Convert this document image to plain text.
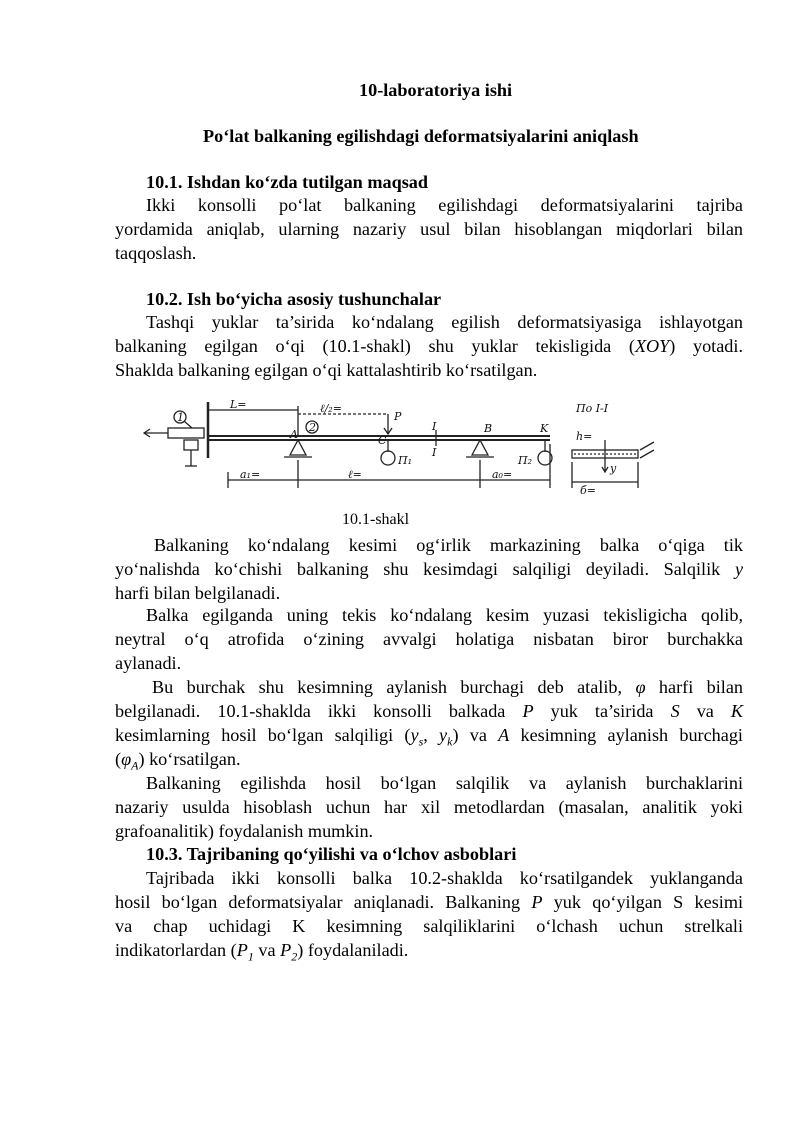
10-laboratoriya ishi
Po‘lat balkaning egilishdagi deformatsiyalarini aniqlash
10.1. Ishdan ko‘zda tutilgan maqsad
Ikki konsolli po‘lat balkaning egilishdagi deformatsiyalarini tajriba
yordamida aniqlab, ularning nazariy usul bilan hisoblangan miqdorlari bilan
taqqoslash.
10.2. Ish bo‘yicha asosiy tushunchalar
Tashqi yuklar ta’sirida ko‘ndalang egilish deformatsiyasiga ishlayotgan
balkaning egilgan o‘qi (10.1-shakl) shu yuklar tekisligida (XOY) yotadi.
Shaklda balkaning egilgan o‘qi kattalashtirib ko‘rsatilgan.
1
2
L=	ℓ/₂=
P
A	C
I
I
B	K
П₁	П₂
a₁=	ℓ=	a₀=
По I-I
h=
y
б=
10.1-shakl
Balkaning ko‘ndalang kesimi og‘irlik markazining balka o‘qiga tik
yo‘nalishda ko‘chishi balkaning shu kesimdagi salqiligi deyiladi. Salqilik y
harfi bilan belgilanadi.
Balka egilganda uning tekis ko‘ndalang kesim yuzasi tekisligicha qolib,
neytral o‘q atrofida o‘zining avvalgi holatiga nisbatan biror burchakka
aylanadi.
Bu burchak shu kesimning aylanish burchagi deb atalib, φ harfi bilan
belgilanadi. 10.1-shaklda ikki konsolli balkada P yuk ta’sirida S va K
kesimlarning hosil bo‘lgan salqiligi ($y_s$, $y_k$) va A kesimning aylanish burchagi
$(\varphi_A)$ ko‘rsatilgan.
Balkaning egilishda hosil bo‘lgan salqilik va aylanish burchaklarini
nazariy usulda hisoblash uchun har xil metodlardan (masalan, analitik yoki
grafoanalitik) foydalanish mumkin.
10.3. Tajribaning qo‘yilishi va o‘lchov asboblari
Tajribada ikki konsolli balka 10.2-shaklda ko‘rsatilgandek yuklanganda
hosil bo‘lgan deformatsiyalar aniqlanadi. Balkaning P yuk qo‘yilgan S kesimi
va chap uchidagi K kesimning salqiliklarini o‘lchash uchun strelkali
indikatorlardan ($P_1$ va $P_2$) foydalaniladi.
